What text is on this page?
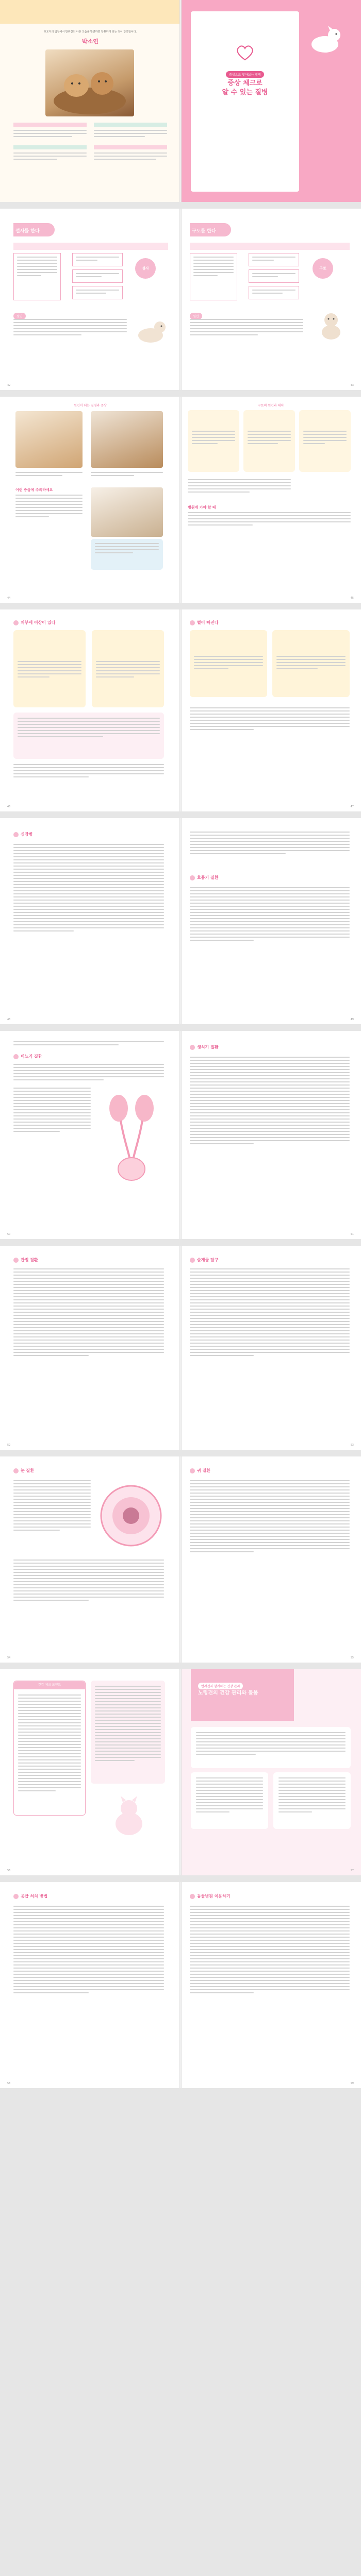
보호자의 입장에서 반려견의 아픈 모습을 발견하면 당황하게 되는 것이 당연합니다.
박소연
증상으로 찾아보는 질병
증상 체크로
알 수 있는 질병
설사를 한다
설사
원인
42
구토를 한다
구토
원인
43
원인이 되는 질병과 증상
이런 증상에 주의하세요
44
구토의 원인과 대처
병원에 가야 할 때
45
피부에 이상이 있다
46
털이 빠진다
47
심장병
48
호흡기 질환
49
비뇨기 질환
50
생식기 질환
51
관절 질환
52
슬개골 탈구
53
눈 질환
54
귀 질환
55
건강 체크 포인트
56
반려견과 함께하는 건강 관리
노령견의 건강 관리와 돌봄
57
응급 처치 방법
58
동물병원 이용하기
59
